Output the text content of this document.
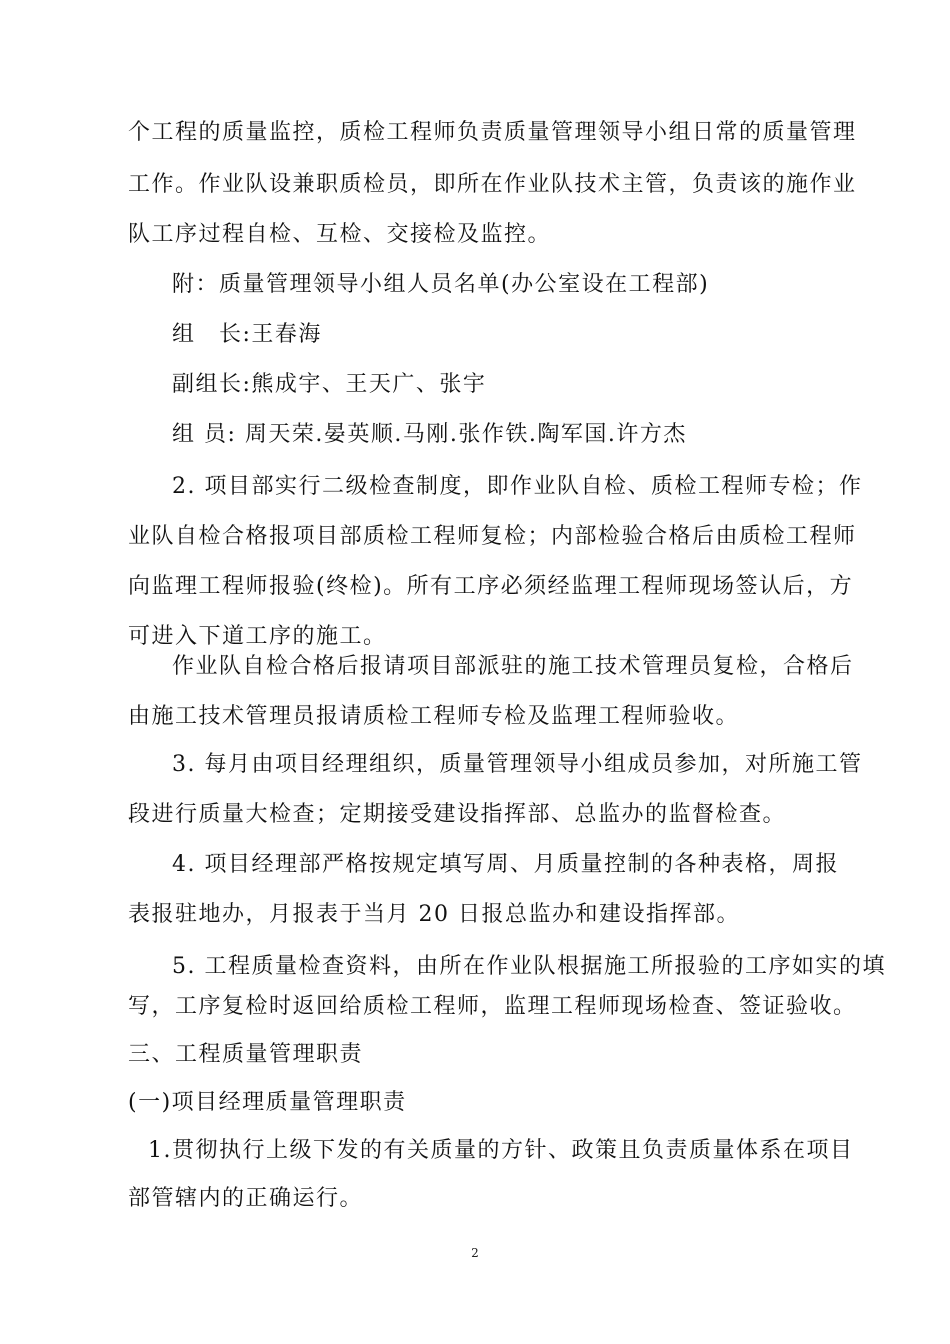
个工程的质量监控，质检工程师负责质量管理领导小组日常的质量管理
工作。作业队设兼职质检员，即所在作业队技术主管，负责该的施作业
队工序过程自检、互检、交接检及监控。
附：质量管理领导小组人员名单(办公室设在工程部)
组　长:王春海
副组长:熊成宇、王天广、张宇
组 员: 周天荣.晏英顺.马刚.张作铁.陶军国.许方杰
2. 项目部实行二级检查制度，即作业队自检、质检工程师专检；作
业队自检合格报项目部质检工程师复检；内部检验合格后由质检工程师
向监理工程师报验(终检)。所有工序必须经监理工程师现场签认后，方
可进入下道工序的施工。
作业队自检合格后报请项目部派驻的施工技术管理员复检，合格后
由施工技术管理员报请质检工程师专检及监理工程师验收。
3. 每月由项目经理组织，质量管理领导小组成员参加，对所施工管
段进行质量大检查；定期接受建设指挥部、总监办的监督检查。
4. 项目经理部严格按规定填写周、月质量控制的各种表格，周报
表报驻地办，月报表于当月 20 日报总监办和建设指挥部。
5. 工程质量检查资料，由所在作业队根据施工所报验的工序如实的填
写，工序复检时返回给质检工程师，监理工程师现场检查、签证验收。
三、工程质量管理职责
(一)项目经理质量管理职责
1.贯彻执行上级下发的有关质量的方针、政策且负责质量体系在项目
部管辖内的正确运行。
2
